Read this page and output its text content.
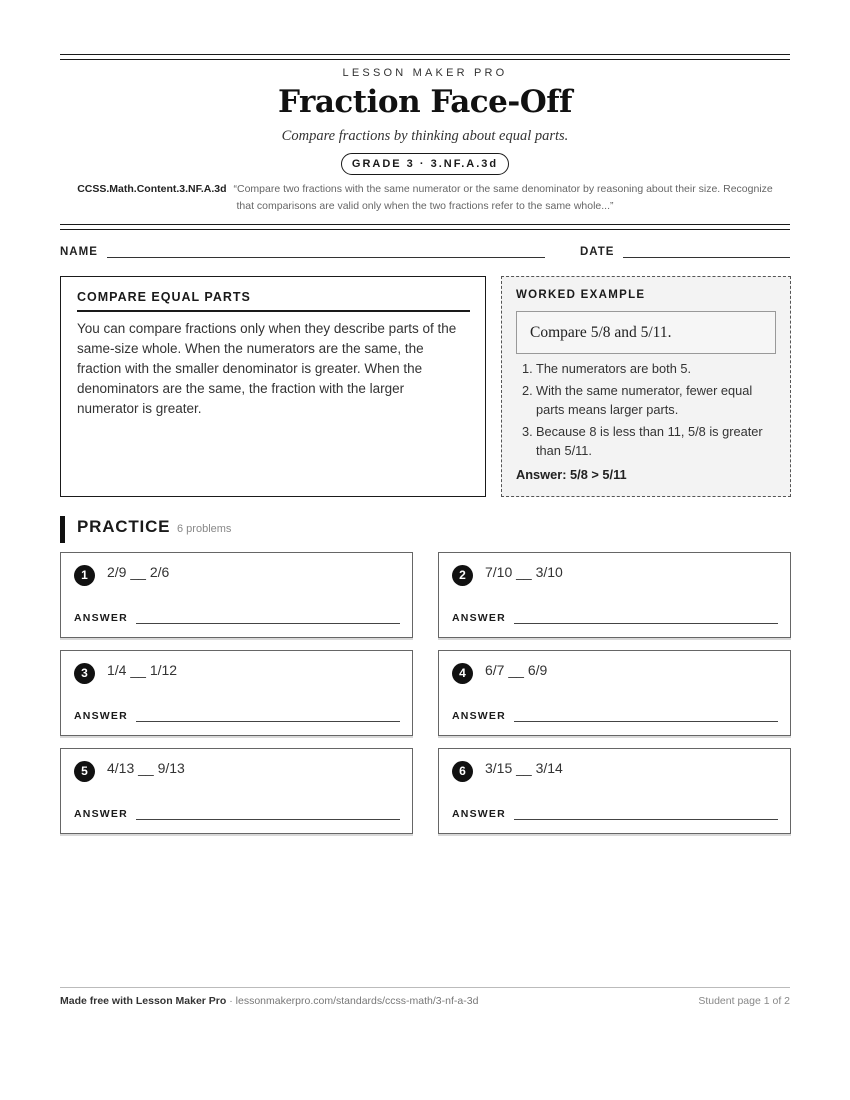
LESSON MAKER PRO
Fraction Face-Off
Compare fractions by thinking about equal parts.
GRADE 3 · 3.NF.A.3d
CCSS.Math.Content.3.NF.A.3d “Compare two fractions with the same numerator or the same denominator by reasoning about their size. Recognize that comparisons are valid only when the two fractions refer to the same whole...”
NAME	DATE
COMPARE EQUAL PARTS
You can compare fractions only when they describe parts of the same-size whole. When the numerators are the same, the fraction with the smaller denominator is greater. When the denominators are the same, the fraction with the larger numerator is greater.
WORKED EXAMPLE
Compare 5/8 and 5/11.
1. The numerators are both 5.
2. With the same numerator, fewer equal parts means larger parts.
3. Because 8 is less than 11, 5/8 is greater than 5/11.
Answer: 5/8 > 5/11
PRACTICE 6 problems
1	2/9 __ 2/6
ANSWER
2	7/10 __ 3/10
ANSWER
3	1/4 __ 1/12
ANSWER
4	6/7 __ 6/9
ANSWER
5	4/13 __ 9/13
ANSWER
6	3/15 __ 3/14
ANSWER
Made free with Lesson Maker Pro · lessonmakerpro.com/standards/ccss-math/3-nf-a-3d	Student page 1 of 2
